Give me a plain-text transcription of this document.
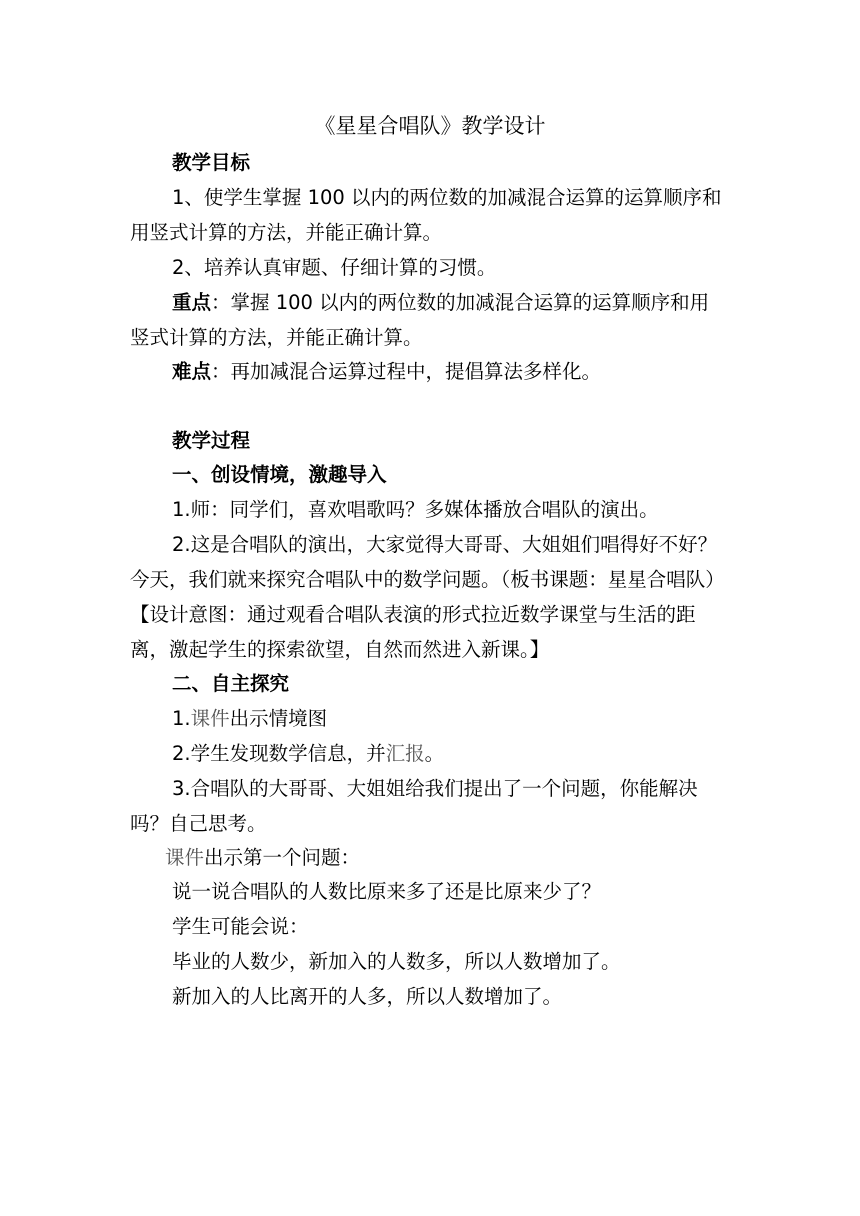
《星星合唱队》教学设计
教学目标
1、使学生掌握 100 以内的两位数的加减混合运算的运算顺序和
用竖式计算的方法，并能正确计算。
2、培养认真审题、仔细计算的习惯。
重点：掌握 100 以内的两位数的加减混合运算的运算顺序和用
竖式计算的方法，并能正确计算。
难点：再加减混合运算过程中，提倡算法多样化。
教学过程
一、创设情境，激趣导入
1.师：同学们，喜欢唱歌吗？多媒体播放合唱队的演出。
2.这是合唱队的演出，大家觉得大哥哥、大姐姐们唱得好不好？
今天，我们就来探究合唱队中的数学问题。（板书课题：星星合唱队）
【设计意图：通过观看合唱队表演的形式拉近数学课堂与生活的距
离，激起学生的探索欲望，自然而然进入新课。】
二、自主探究
1.课件出示情境图
2.学生发现数学信息，并汇报。
3.合唱队的大哥哥、大姐姐给我们提出了一个问题，你能解决
吗？自己思考。
课件出示第一个问题：
说一说合唱队的人数比原来多了还是比原来少了？
学生可能会说：
毕业的人数少，新加入的人数多，所以人数增加了。
新加入的人比离开的人多，所以人数增加了。
